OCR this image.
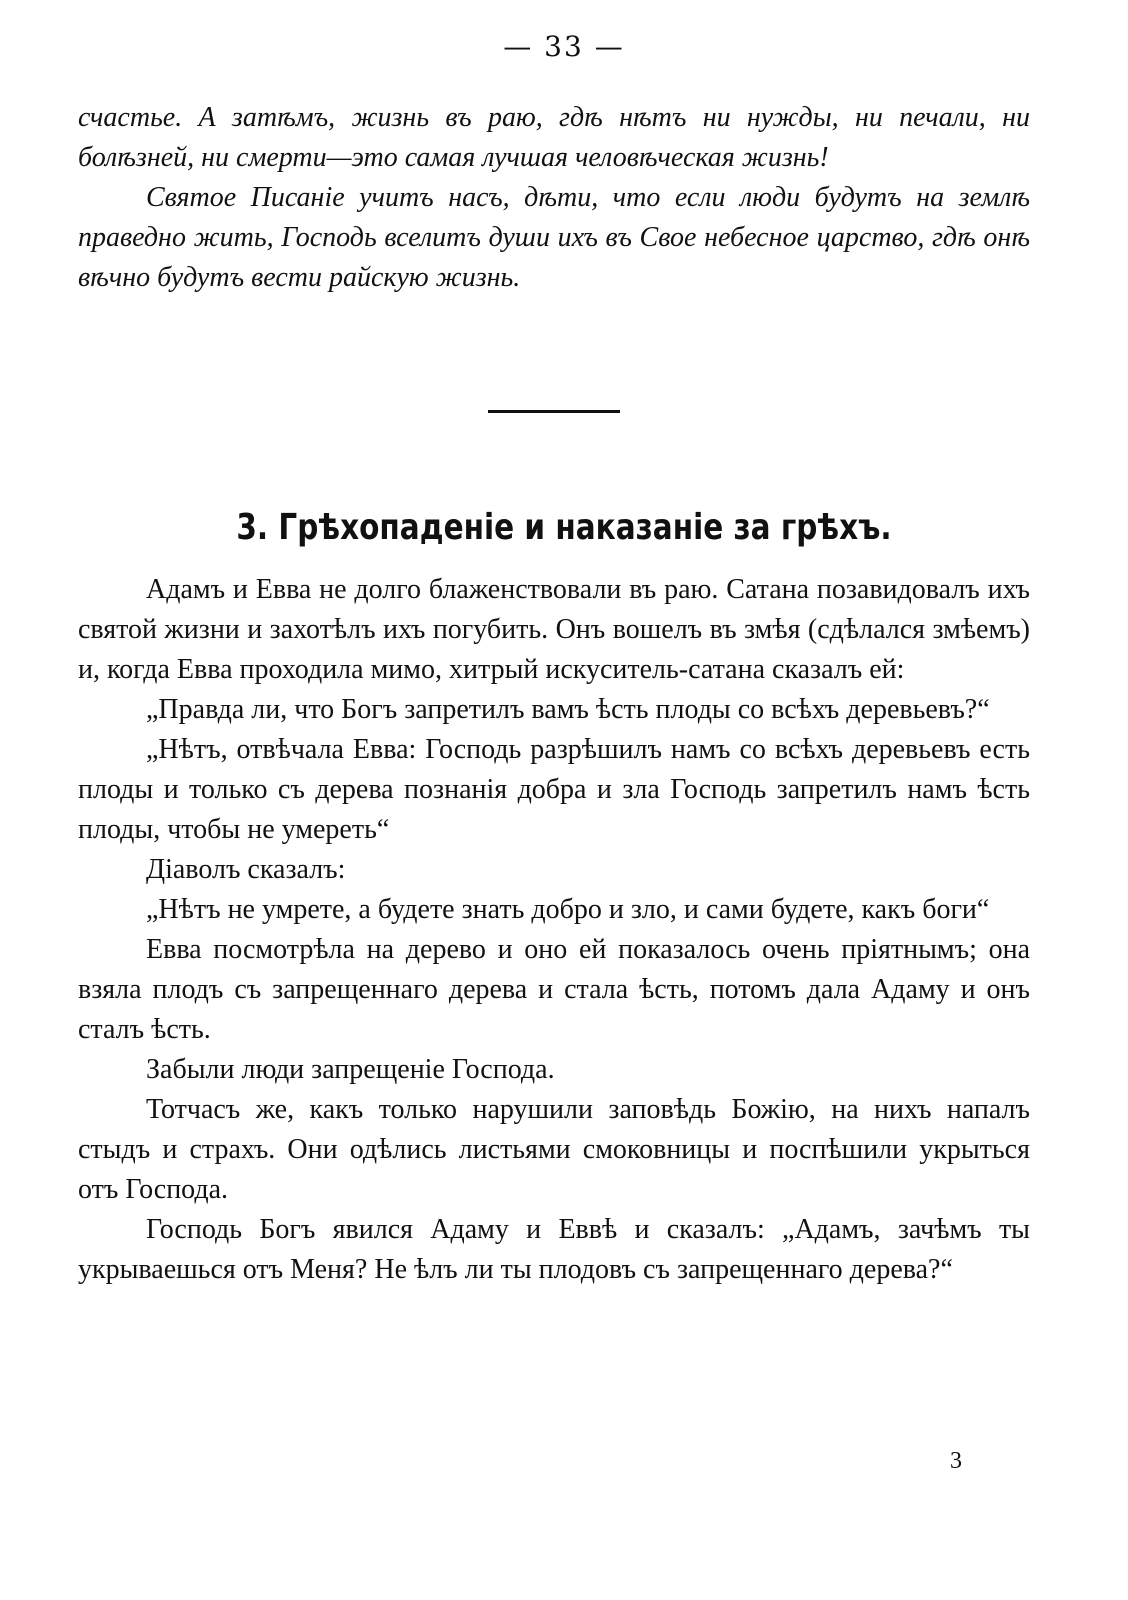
— 33 —

счастье. А затѣмъ, жизнь въ раю, гдѣ нѣтъ ни нужды, ни печали, ни болѣзней, ни смерти—это самая лучшая человѣческая жизнь!

Святое Писаніе учитъ насъ, дѣти, что если люди будутъ на землѣ праведно жить, Господь вселитъ души ихъ въ Свое небесное царство, гдѣ онѣ вѣчно будутъ вести райскую жизнь.

3. Грѣхопаденіе и наказаніе за грѣхъ.

Адамъ и Евва не долго блаженствовали въ раю. Сатана позавидовалъ ихъ святой жизни и захотѣлъ ихъ погубить. Онъ вошелъ въ змѣя (сдѣлался змѣемъ) и, когда Евва проходила мимо, хитрый искуситель-сатана сказалъ ей:

„Правда ли, что Богъ запретилъ вамъ ѣсть плоды со всѣхъ деревьевъ?“

„Нѣтъ, отвѣчала Евва: Господь разрѣшилъ намъ со всѣхъ деревьевъ есть плоды и только съ дерева познанія добра и зла Господь запретилъ намъ ѣсть плоды, чтобы не умереть“

Діаволъ сказалъ:

„Нѣтъ не умрете, а будете знать добро и зло, и сами будете, какъ боги“

Евва посмотрѣла на дерево и оно ей показалось очень пріятнымъ; она взяла плодъ съ запрещеннаго дерева и стала ѣсть, потомъ дала Адаму и онъ сталъ ѣсть.

Забыли люди запрещеніе Господа.

Тотчасъ же, какъ только нарушили заповѣдь Божію, на нихъ напалъ стыдъ и страхъ. Они одѣлись листьями смоковницы и поспѣшили укрыться отъ Господа.

Господь Богъ явился Адаму и Еввѣ и сказалъ: „Адамъ, зачѣмъ ты укрываешься отъ Меня? Не ѣлъ ли ты плодовъ съ запрещеннаго дерева?“

3
